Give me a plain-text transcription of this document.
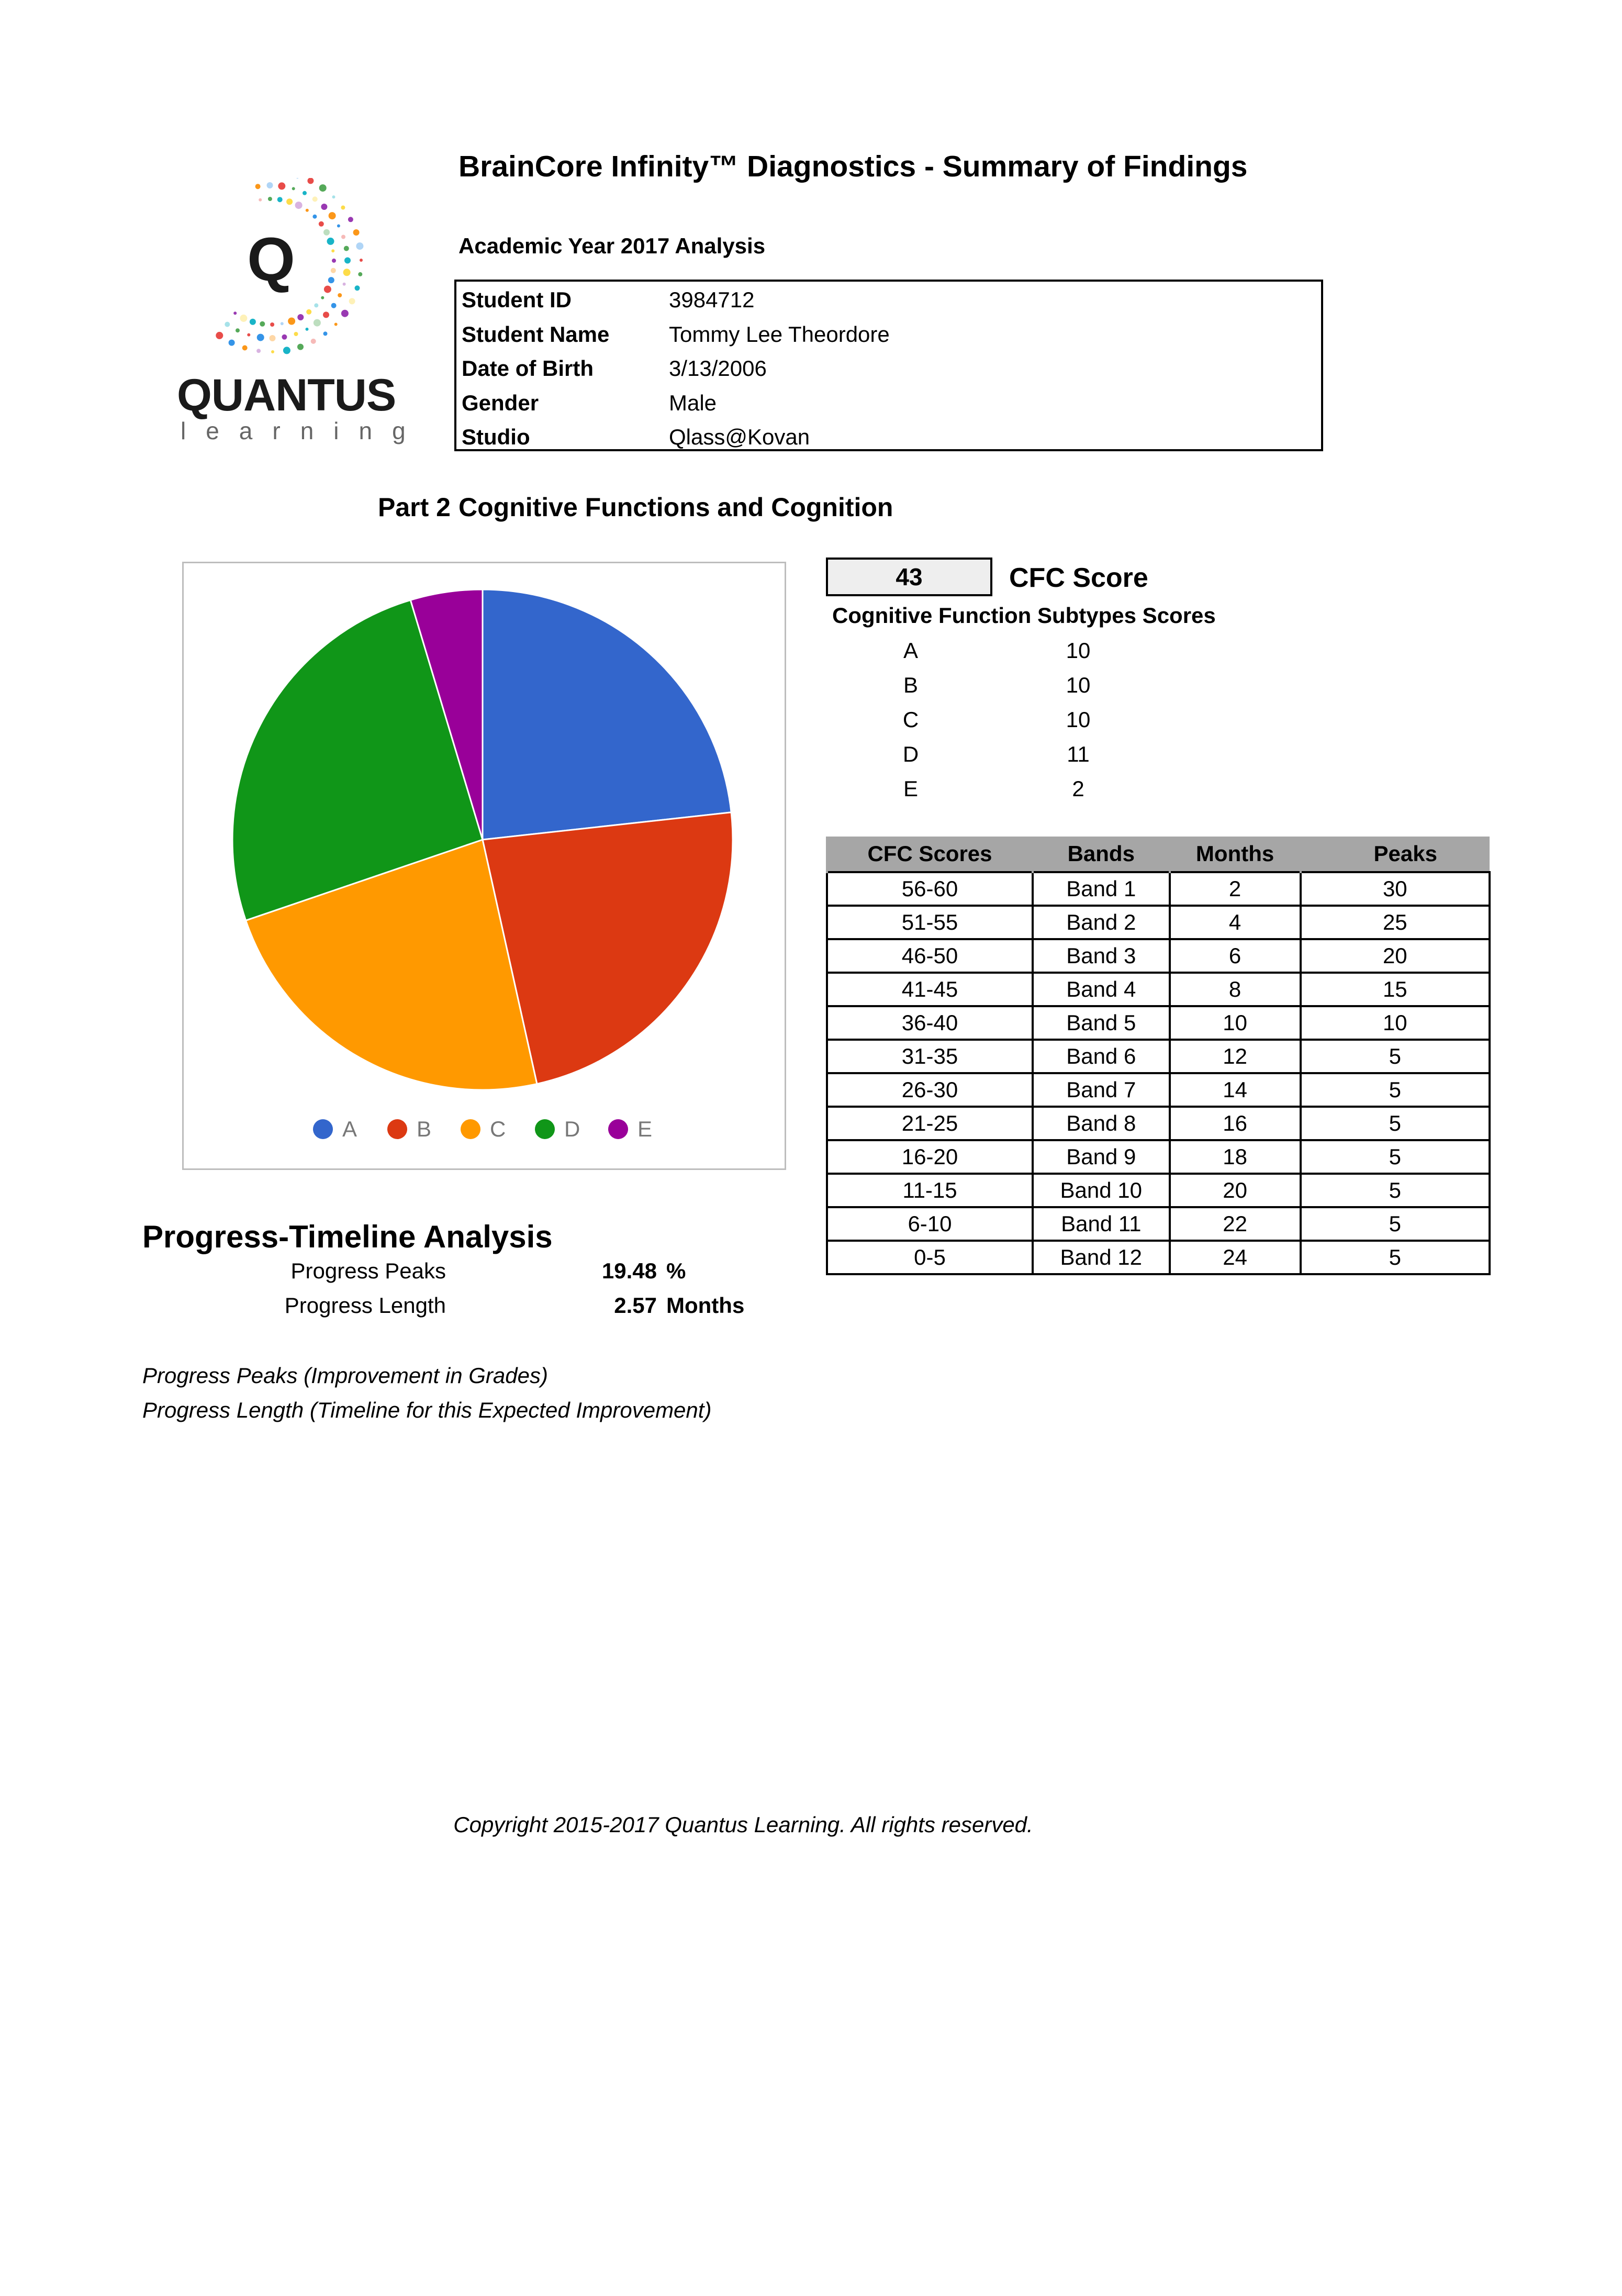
Q
QUANTUS
learning
BrainCore Infinity™ Diagnostics - Summary of Findings
Academic Year 2017 Analysis
Student ID	3984712
Student Name	Tommy Lee Theordore
Date of Birth	3/13/2006
Gender	Male
Studio	Qlass@Kovan
Part 2 Cognitive Functions and Cognition
A	B	C	D	E
43	CFC Score
Cognitive Function Subtypes Scores
A	10
B	10
C	10
D	11
E	2
CFC Scores	Bands	Months	Peaks
56-60	Band 1	2	30
51-55	Band 2	4	25
46-50	Band 3	6	20
41-45	Band 4	8	15
36-40	Band 5	10	10
31-35	Band 6	12	5
26-30	Band 7	14	5
21-25	Band 8	16	5
16-20	Band 9	18	5
11-15	Band 10	20	5
6-10	Band 11	22	5
0-5	Band 12	24	5
Progress-Timeline Analysis
Progress Peaks	19.48 %
Progress Length	2.57 Months
Progress Peaks (Improvement in Grades)
Progress Length (Timeline for this Expected Improvement)
Copyright 2015-2017 Quantus Learning. All rights reserved.
